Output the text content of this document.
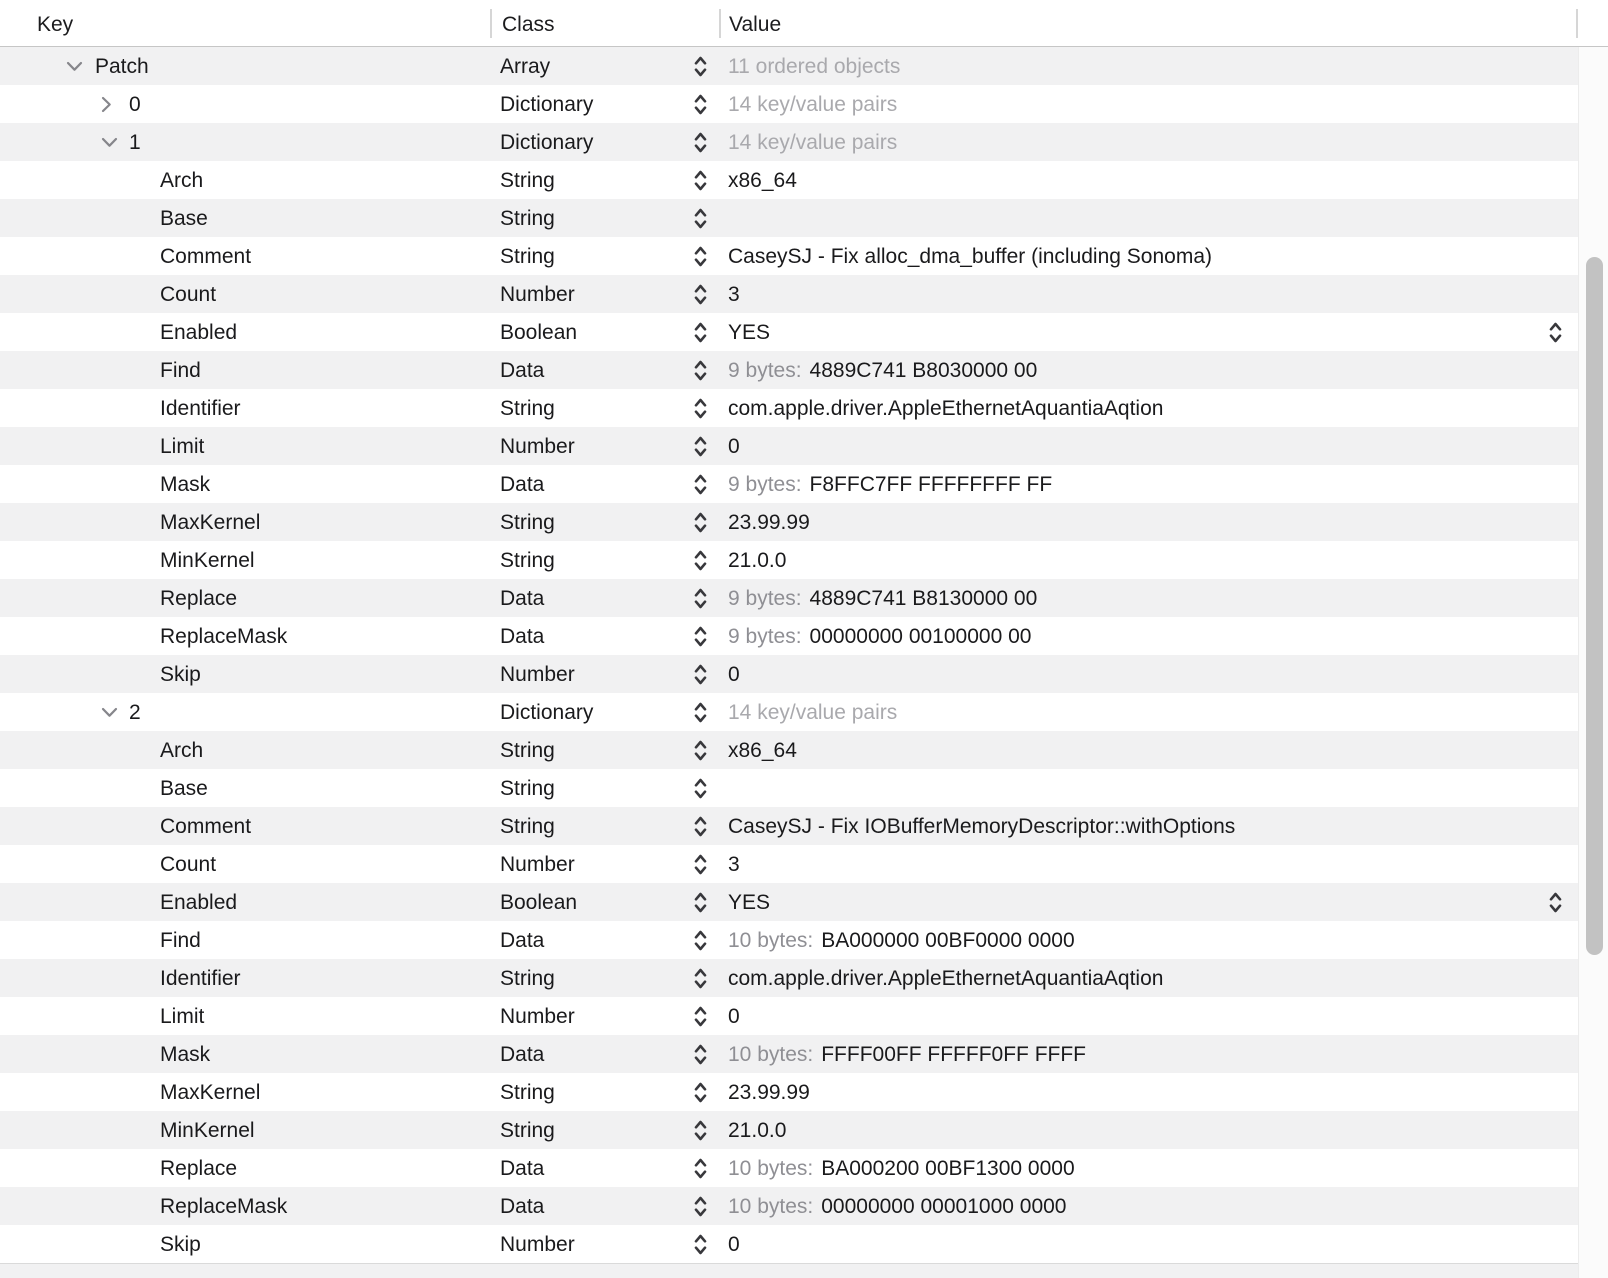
Key	Class	Value
Patch	Array	11 ordered objects
0	Dictionary	14 key/value pairs
1	Dictionary	14 key/value pairs
Arch	String	x86_64
Base	String
Comment	String	CaseySJ - Fix alloc_dma_buffer (including Sonoma)
Count	Number	3
Enabled	Boolean	YES
Find	Data	9 bytes: 4889C741 B8030000 00
Identifier	String	com.apple.driver.AppleEthernetAquantiaAqtion
Limit	Number	0
Mask	Data	9 bytes: F8FFC7FF FFFFFFFF FF
MaxKernel	String	23.99.99
MinKernel	String	21.0.0
Replace	Data	9 bytes: 4889C741 B8130000 00
ReplaceMask	Data	9 bytes: 00000000 00100000 00
Skip	Number	0
2	Dictionary	14 key/value pairs
Arch	String	x86_64
Base	String
Comment	String	CaseySJ - Fix IOBufferMemoryDescriptor::withOptions
Count	Number	3
Enabled	Boolean	YES
Find	Data	10 bytes: BA000000 00BF0000 0000
Identifier	String	com.apple.driver.AppleEthernetAquantiaAqtion
Limit	Number	0
Mask	Data	10 bytes: FFFF00FF FFFFF0FF FFFF
MaxKernel	String	23.99.99
MinKernel	String	21.0.0
Replace	Data	10 bytes: BA000200 00BF1300 0000
ReplaceMask	Data	10 bytes: 00000000 00001000 0000
Skip	Number	0
